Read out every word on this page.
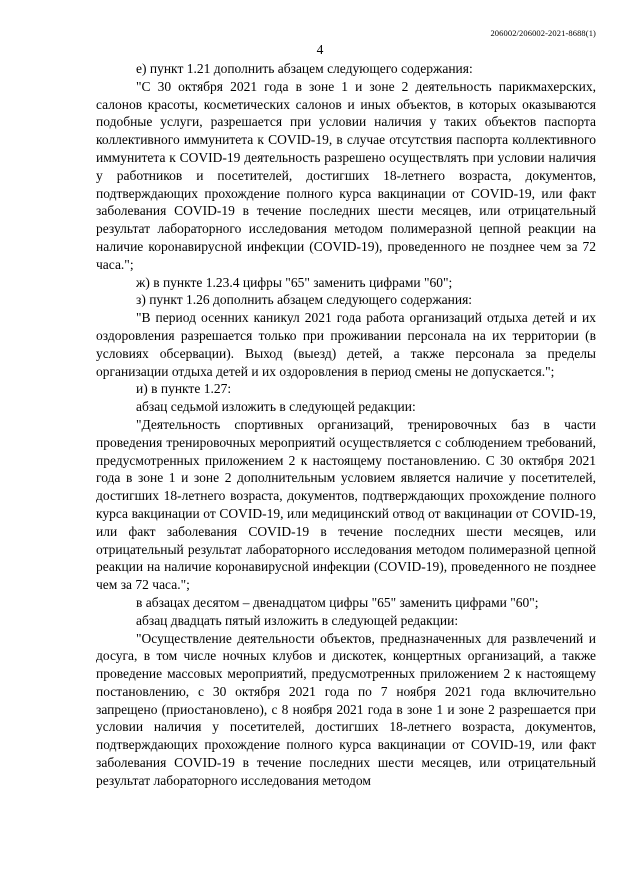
206002/206002-2021-8688(1)
4

е) пункт 1.21 дополнить абзацем следующего содержания:

"С 30 октября 2021 года в зоне 1 и зоне 2 деятельность парикмахерских, салонов красоты, косметических салонов и иных объектов, в которых оказываются подобные услуги, разрешается при условии наличия у таких объектов паспорта коллективного иммунитета к COVID-19, в случае отсутствия паспорта коллективного иммунитета к COVID-19 деятельность разрешено осуществлять при условии наличия у работников и посетителей, достигших 18-летнего возраста, документов, подтверждающих прохождение полного курса вакцинации от COVID-19, или факт заболевания COVID-19 в течение последних шести месяцев, или отрицательный результат лабораторного исследования методом полимеразной цепной реакции на наличие коронавирусной инфекции (COVID-19), проведенного не позднее чем за 72 часа.";

ж) в пункте 1.23.4 цифры "65" заменить цифрами "60";

з) пункт 1.26 дополнить абзацем следующего содержания:

"В период осенних каникул 2021 года работа организаций отдыха детей и их оздоровления разрешается только при проживании персонала на их территории (в условиях обсервации). Выход (выезд) детей, а также персонала за пределы организации отдыха детей и их оздоровления в период смены не допускается.";

и) в пункте 1.27:

абзац седьмой изложить в следующей редакции:

"Деятельность спортивных организаций, тренировочных баз в части проведения тренировочных мероприятий осуществляется с соблюдением требований, предусмотренных приложением 2 к настоящему постановлению. С 30 октября 2021 года в зоне 1 и зоне 2 дополнительным условием является наличие у посетителей, достигших 18-летнего возраста, документов, подтверждающих прохождение полного курса вакцинации от COVID-19, или медицинский отвод от вакцинации от COVID-19, или факт заболевания COVID-19 в течение последних шести месяцев, или отрицательный результат лабораторного исследования методом полимеразной цепной реакции на наличие коронавирусной инфекции (COVID-19), проведенного не позднее чем за 72 часа.";

в абзацах десятом – двенадцатом цифры "65" заменить цифрами "60";

абзац двадцать пятый изложить в следующей редакции:

"Осуществление деятельности объектов, предназначенных для развлечений и досуга, в том числе ночных клубов и дискотек, концертных организаций, а также проведение массовых мероприятий, предусмотренных приложением 2 к настоящему постановлению, с 30 октября 2021 года по 7 ноября 2021 года включительно запрещено (приостановлено), с 8 ноября 2021 года в зоне 1 и зоне 2 разрешается при условии наличия у посетителей, достигших 18-летнего возраста, документов, подтверждающих прохождение полного курса вакцинации от COVID-19, или факт заболевания COVID-19 в течение последних шести месяцев, или отрицательный результат лабораторного исследования методом
